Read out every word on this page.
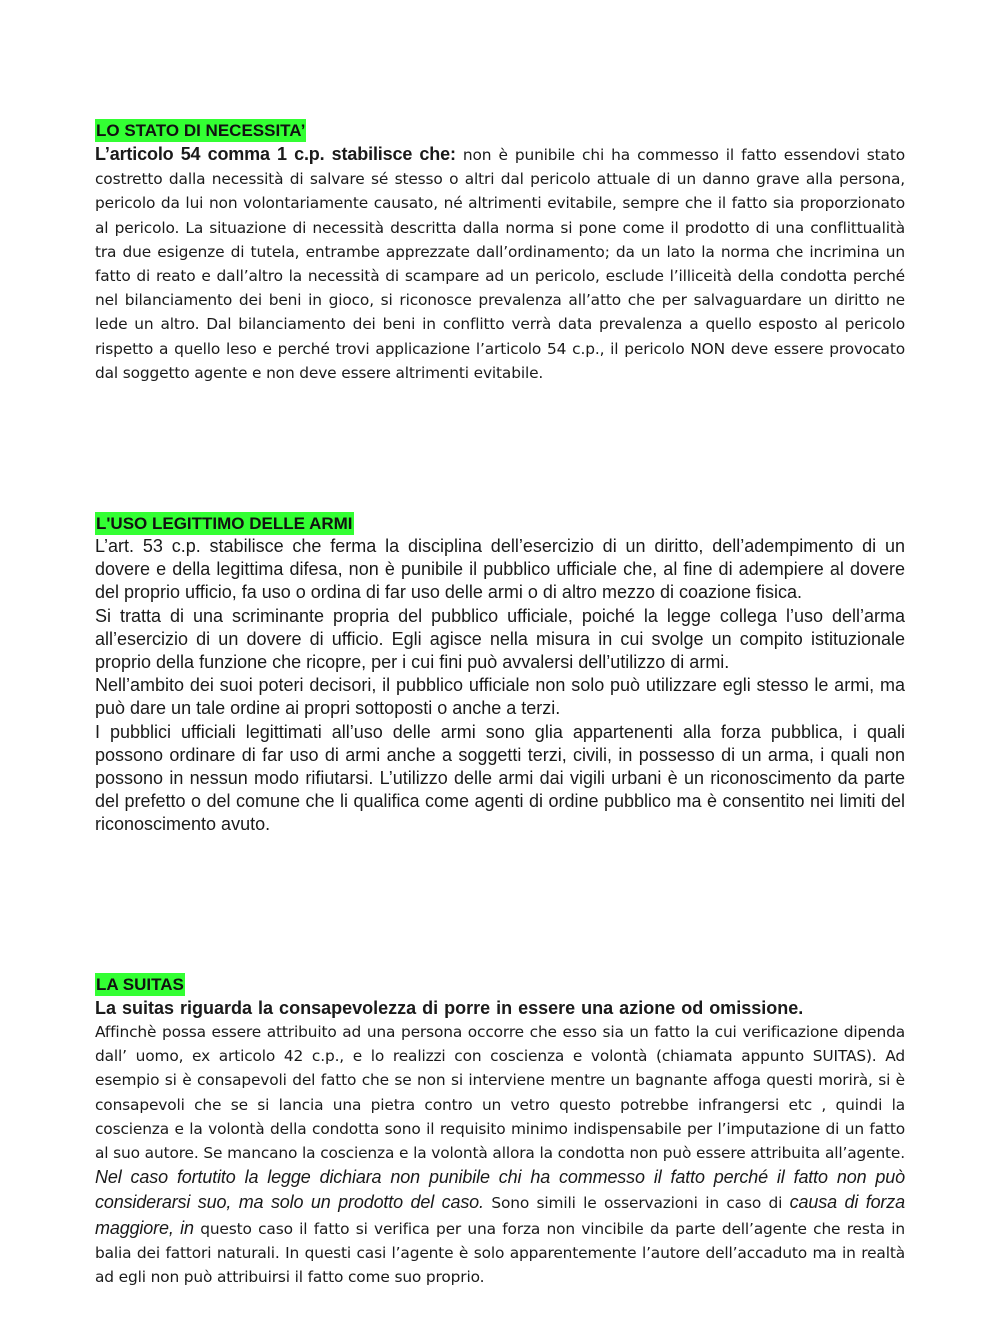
LO STATO DI NECESSITA’

L’articolo 54 comma 1 c.p. stabilisce che: non è punibile chi ha commesso il fatto essendovi stato costretto dalla necessità di salvare sé stesso o altri dal pericolo attuale di un danno grave alla persona, pericolo da lui non volontariamente causato, né altrimenti evitabile, sempre che il fatto sia proporzionato al pericolo. La situazione di necessità descritta dalla norma si pone come il prodotto di una conflittualità tra due esigenze di tutela, entrambe apprezzate dall’ordinamento; da un lato la norma che incrimina un fatto di reato e dall’altro la necessità di scampare ad un pericolo, esclude l’illiceità della condotta perché nel bilanciamento dei beni in gioco, si riconosce prevalenza all’atto che per salvaguardare un diritto ne lede un altro. Dal bilanciamento dei beni in conflitto verrà data prevalenza a quello esposto al pericolo rispetto a quello leso e perché trovi applicazione l’articolo 54 c.p., il pericolo NON deve essere provocato dal soggetto agente e non deve essere altrimenti evitabile.

L'USO LEGITTIMO DELLE ARMI

L’art. 53 c.p. stabilisce che ferma la disciplina dell’esercizio di un diritto, dell’adempimento di un dovere e della legittima difesa, non è punibile il pubblico ufficiale che, al fine di adempiere al dovere del proprio ufficio, fa uso o ordina di far uso delle armi o di altro mezzo di coazione fisica.

Si tratta di una scriminante propria del pubblico ufficiale, poiché la legge collega l’uso dell’arma all’esercizio di un dovere di ufficio. Egli agisce nella misura in cui svolge un compito istituzionale proprio della funzione che ricopre, per i cui fini può avvalersi dell’utilizzo di armi.

Nell’ambito dei suoi poteri decisori, il pubblico ufficiale non solo può utilizzare egli stesso le armi, ma può dare un tale ordine ai propri sottoposti o anche a terzi.

I pubblici ufficiali legittimati all’uso delle armi sono glia appartenenti alla forza pubblica, i quali possono ordinare di far uso di armi anche a soggetti terzi, civili, in possesso di un arma, i quali non possono in nessun modo rifiutarsi. L’utilizzo delle armi dai vigili urbani è un riconoscimento da parte del prefetto o del comune che li qualifica come agenti di ordine pubblico ma è consentito nei limiti del riconoscimento avuto.

LA SUITAS

La suitas riguarda la consapevolezza di porre in essere una azione od omissione.

Affinchè possa essere attribuito ad una persona occorre che esso sia un fatto la cui verificazione dipenda dall’ uomo, ex articolo 42 c.p., e lo realizzi con coscienza e volontà (chiamata appunto SUITAS). Ad esempio si è consapevoli del fatto che se non si interviene mentre un bagnante affoga questi morirà, si è consapevoli che se si lancia una pietra contro un vetro questo potrebbe infrangersi etc , quindi la coscienza e la volontà della condotta sono il requisito minimo indispensabile per l’imputazione di un fatto al suo autore. Se mancano la coscienza e la volontà allora la condotta non può essere attribuita all’agente. Nel caso fortutito la legge dichiara non punibile chi ha commesso il fatto perché il fatto non può considerarsi suo, ma solo un prodotto del caso. Sono simili le osservazioni in caso di causa di forza maggiore, in questo caso il fatto si verifica per una forza non vincibile da parte dell’agente che resta in balia dei fattori naturali. In questi casi l’agente è solo apparentemente l’autore dell’accaduto ma in realtà ad egli non può attribuirsi il fatto come suo proprio.
